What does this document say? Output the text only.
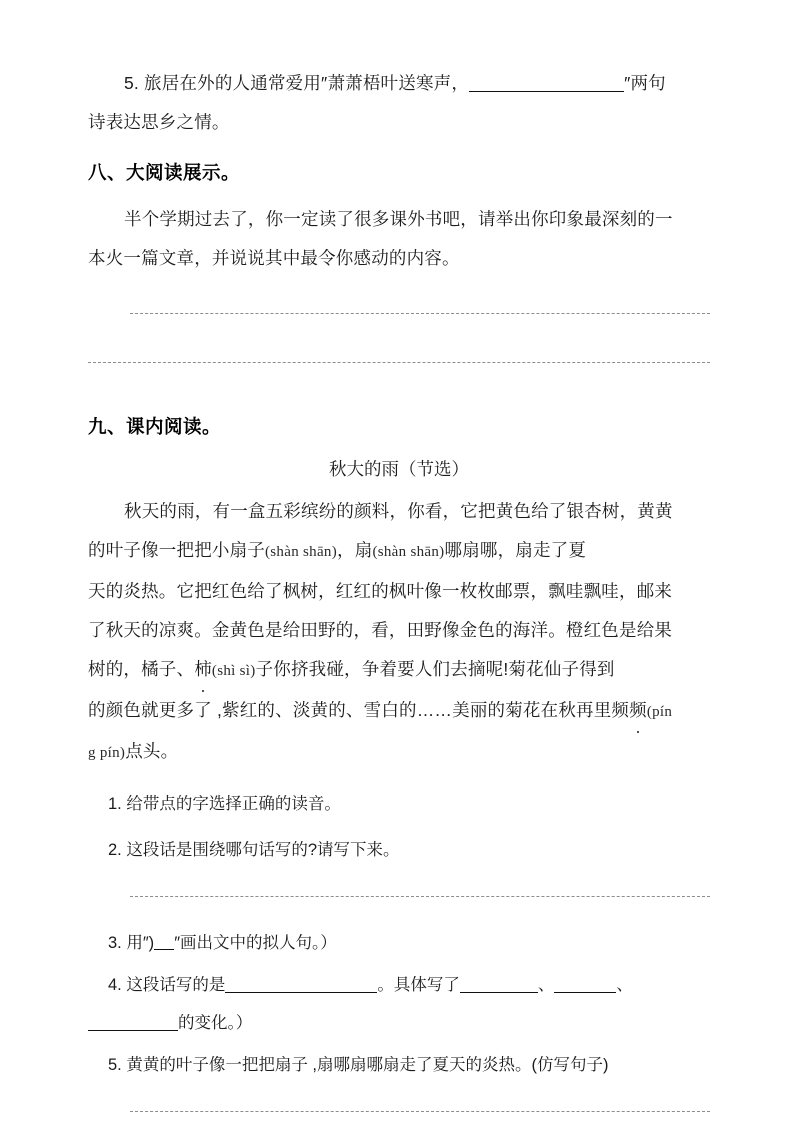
5. 旅居在外的人通常爱用″萧萧梧叶送寒声，	″两句

诗表达思乡之情。

八、大阅读展示。

半个学期过去了，你一定读了很多课外书吧，请举出你印象最深刻的一

本火一篇文章，并说说其中最令你感动的内容。

九、课内阅读。

秋大的雨（节选）

秋天的雨，有一盒五彩缤纷的颜料，你看，它把黄色给了银杏树，黄黄

的叶子像一把把小扇子(shàn shān)，扇(shàn shān)哪扇哪，扇走了夏

天的炎热。它把红色给了枫树，红红的枫叶像一枚枚邮票，飘哇飘哇，邮来

了秋天的凉爽。金黄色是给田野的，看，田野像金色的海洋。橙红色是给果

树的，橘子、柿(shì sì)子你挤我碰，争着要人们去摘呢!菊花仙子得到

的颜色就更多了 ,紫红的、淡黄的、雪白的……美丽的菊花在秋再里频频(pín

g pín)点头。

1. 给带点的字选择正确的读音。

2. 这段话是围绕哪句话写的?请写下来。

3. 用″) ″画出文中的拟人句。）

4. 这段话写的是	。具体写了	、	、

的变化。）

5. 黄黄的叶子像一把把扇子 ,扇哪扇哪扇走了夏天的炎热。(仿写句子)
